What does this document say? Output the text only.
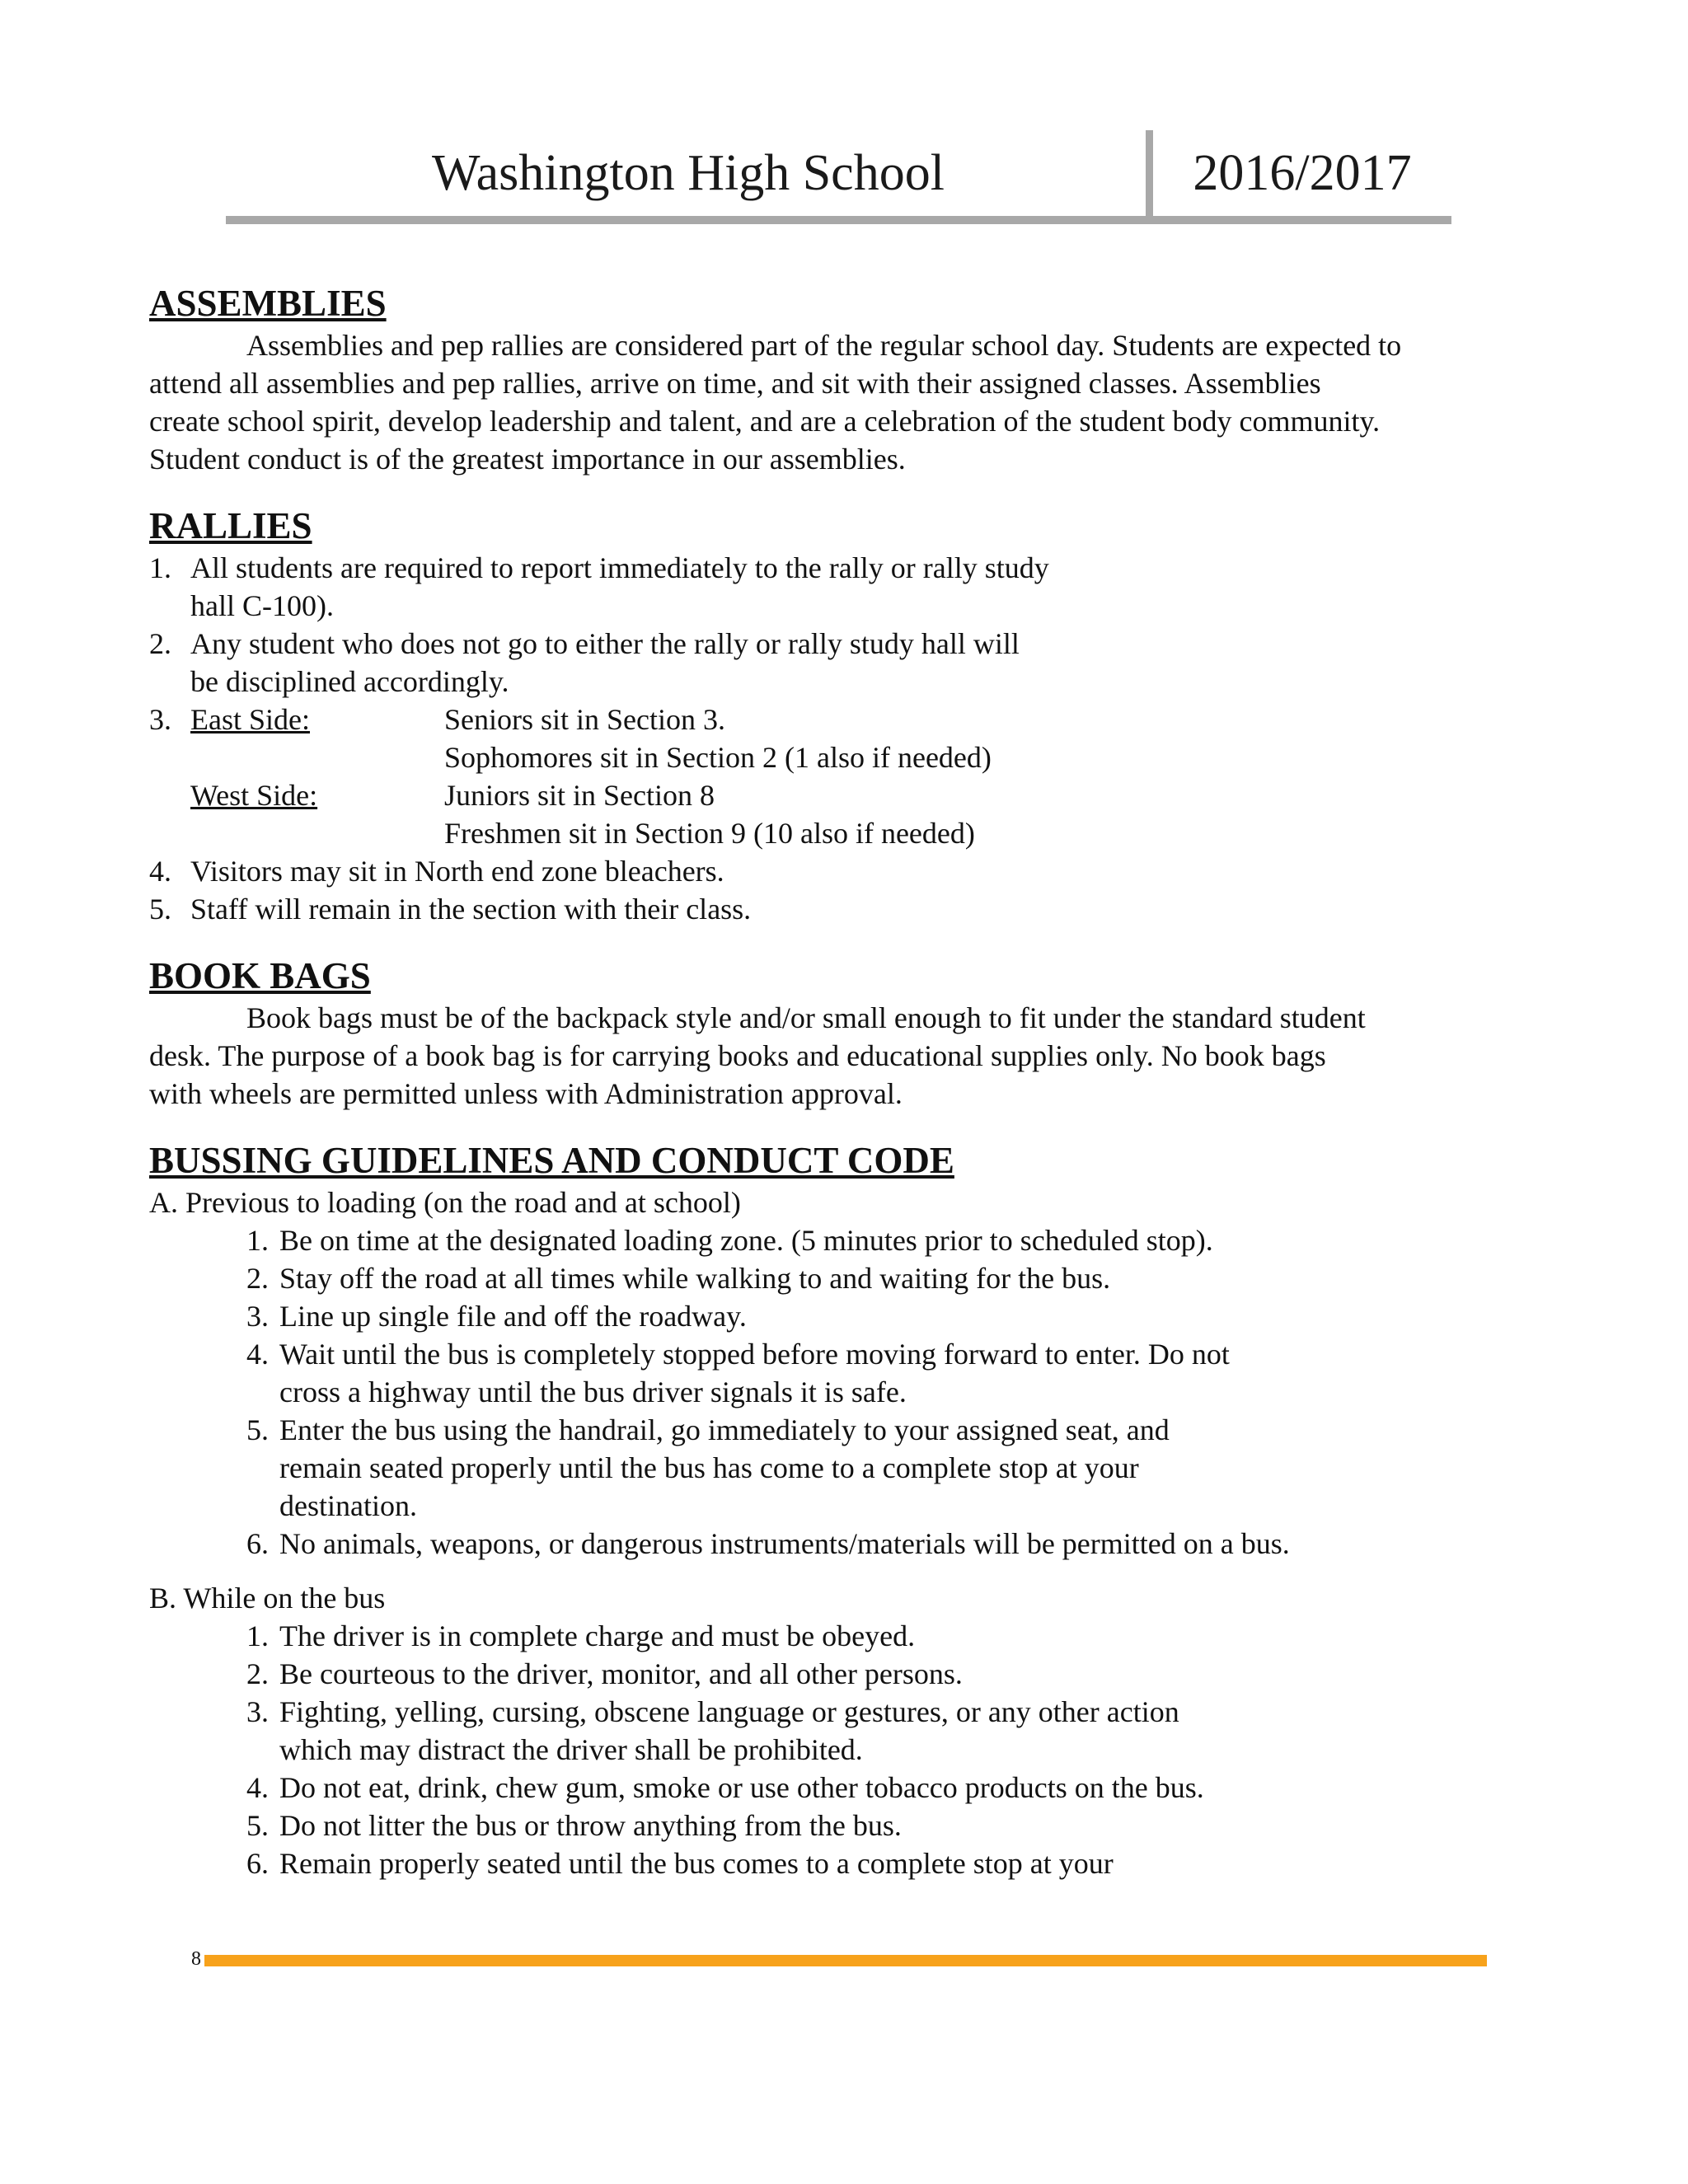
Washington High School	2016/2017
ASSEMBLIES
Assemblies and pep rallies are considered part of the regular school day. Students are expected to
attend all assemblies and pep rallies, arrive on time, and sit with their assigned classes. Assemblies
create school spirit, develop leadership and talent, and are a celebration of the student body community.
Student conduct is of the greatest importance in our assemblies.
RALLIES
1. All students are required to report immediately to the rally or rally study
hall C-100).
2. Any student who does not go to either the rally or rally study hall will
be disciplined accordingly.
3. East Side:	Seniors sit in Section 3.
Sophomores sit in Section 2 (1 also if needed)
West Side:	Juniors sit in Section 8
Freshmen sit in Section 9 (10 also if needed)
4. Visitors may sit in North end zone bleachers.
5. Staff will remain in the section with their class.
BOOK BAGS
Book bags must be of the backpack style and/or small enough to fit under the standard student
desk. The purpose of a book bag is for carrying books and educational supplies only. No book bags
with wheels are permitted unless with Administration approval.
BUSSING GUIDELINES AND CONDUCT CODE
A. Previous to loading (on the road and at school)
1. Be on time at the designated loading zone. (5 minutes prior to scheduled stop).
2. Stay off the road at all times while walking to and waiting for the bus.
3. Line up single file and off the roadway.
4. Wait until the bus is completely stopped before moving forward to enter. Do not
cross a highway until the bus driver signals it is safe.
5. Enter the bus using the handrail, go immediately to your assigned seat, and
remain seated properly until the bus has come to a complete stop at your
destination.
6. No animals, weapons, or dangerous instruments/materials will be permitted on a bus.
B. While on the bus
1. The driver is in complete charge and must be obeyed.
2. Be courteous to the driver, monitor, and all other persons.
3. Fighting, yelling, cursing, obscene language or gestures, or any other action
which may distract the driver shall be prohibited.
4. Do not eat, drink, chew gum, smoke or use other tobacco products on the bus.
5. Do not litter the bus or throw anything from the bus.
6. Remain properly seated until the bus comes to a complete stop at your
8
